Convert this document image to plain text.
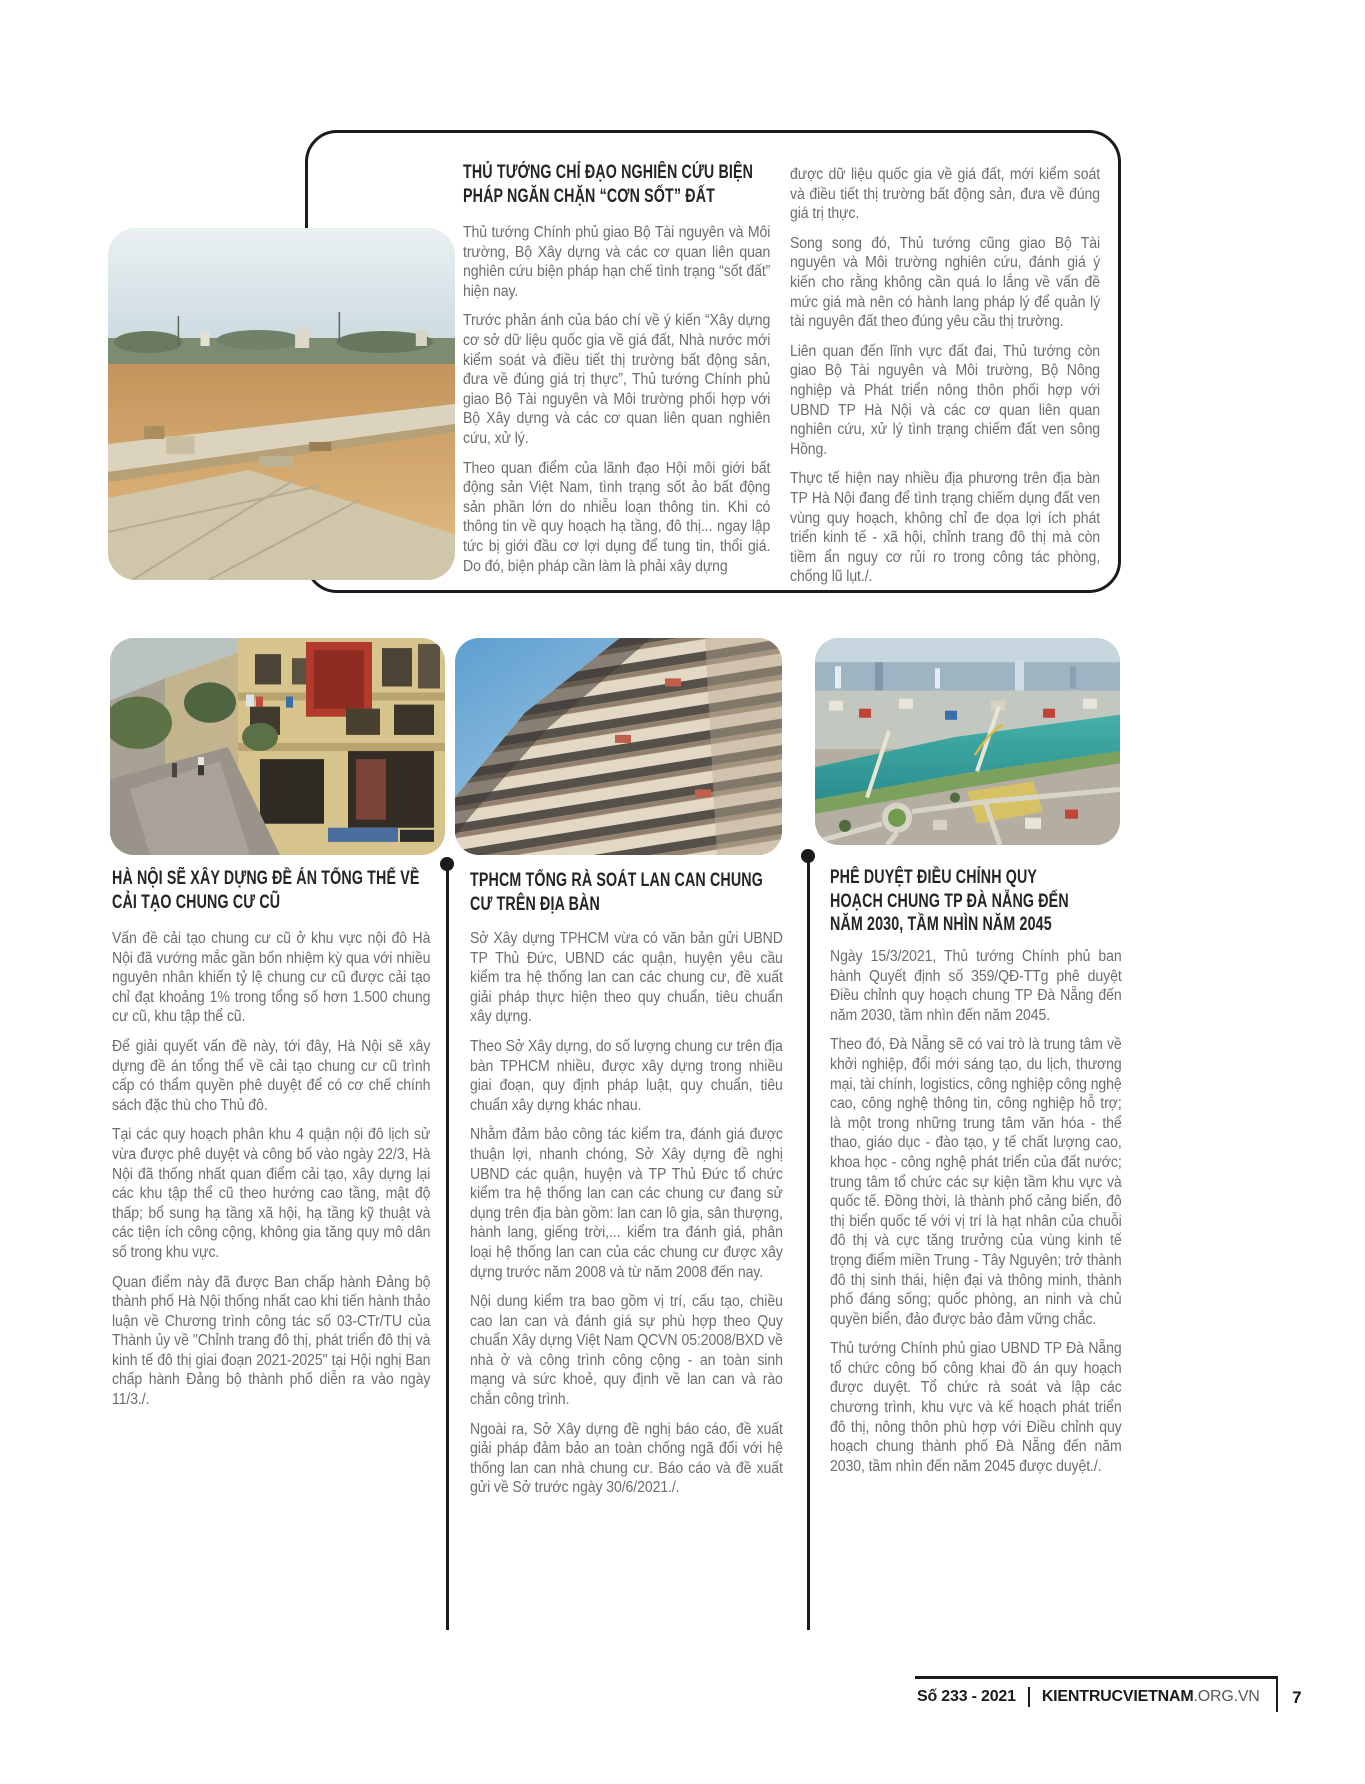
THỦ TƯỚNG CHỈ ĐẠO NGHIÊN CỨU BIỆN
PHÁP NGĂN CHẶN “CƠN SỐT” ĐẤT

Thủ tướng Chính phủ giao Bộ Tài nguyên và Môi trường, Bộ Xây dựng và các cơ quan liên quan nghiên cứu biện pháp hạn chế tình trạng “sốt đất” hiện nay.

Trước phản ánh của báo chí về ý kiến “Xây dựng cơ sở dữ liệu quốc gia về giá đất, Nhà nước mới kiểm soát và điều tiết thị trường bất động sản, đưa về đúng giá trị thực”, Thủ tướng Chính phủ giao Bộ Tài nguyên và Môi trường phối hợp với Bộ Xây dựng và các cơ quan liên quan nghiên cứu, xử lý.

Theo quan điểm của lãnh đạo Hội môi giới bất động sản Việt Nam, tình trạng sốt ảo bất động sản phần lớn do nhiễu loạn thông tin. Khi có thông tin về quy hoạch hạ tầng, đô thị... ngay lập tức bị giới đầu cơ lợi dụng để tung tin, thổi giá. Do đó, biện pháp cần làm là phải xây dựng

được dữ liệu quốc gia về giá đất, mới kiểm soát và điều tiết thị trường bất động sản, đưa về đúng giá trị thực.

Song song đó, Thủ tướng cũng giao Bộ Tài nguyên và Môi trường nghiên cứu, đánh giá ý kiến cho rằng không cần quá lo lắng về vấn đề mức giá mà nên có hành lang pháp lý để quản lý tài nguyên đất theo đúng yêu cầu thị trường.

Liên quan đến lĩnh vực đất đai, Thủ tướng còn giao Bộ Tài nguyên và Môi trường, Bộ Nông nghiệp và Phát triển nông thôn phối hợp với UBND TP Hà Nội và các cơ quan liên quan nghiên cứu, xử lý tình trạng chiếm đất ven sông Hồng.

Thực tế hiện nay nhiều địa phương trên địa bàn TP Hà Nội đang để tình trạng chiếm dụng đất ven vùng quy hoạch, không chỉ đe dọa lợi ích phát triển kinh tế - xã hội, chỉnh trang đô thị mà còn tiềm ẩn nguy cơ rủi ro trong công tác phòng, chống lũ lụt./.

HÀ NỘI SẼ XÂY DỰNG ĐỀ ÁN TỔNG THỂ VỀ
CẢI TẠO CHUNG CƯ CŨ

Vấn đề cải tạo chung cư cũ ở khu vực nội đô Hà Nội đã vướng mắc gần bốn nhiệm kỳ qua với nhiều nguyên nhân khiến tỷ lệ chung cư cũ được cải tạo chỉ đạt khoảng 1% trong tổng số hơn 1.500 chung cư cũ, khu tập thể cũ.

Để giải quyết vấn đề này, tới đây, Hà Nội sẽ xây dựng đề án tổng thể về cải tạo chung cư cũ trình cấp có thẩm quyền phê duyệt để có cơ chế chính sách đặc thù cho Thủ đô.

Tại các quy hoạch phân khu 4 quận nội đô lịch sử vừa được phê duyệt và công bố vào ngày 22/3, Hà Nội đã thống nhất quan điểm cải tạo, xây dựng lại các khu tập thể cũ theo hướng cao tầng, mật độ thấp; bổ sung hạ tầng xã hội, hạ tầng kỹ thuật và các tiện ích công cộng, không gia tăng quy mô dân số trong khu vực.

Quan điểm này đã được Ban chấp hành Đảng bộ thành phố Hà Nội thống nhất cao khi tiến hành thảo luận về Chương trình công tác số 03-CTr/TU của Thành ủy về "Chỉnh trang đô thị, phát triển đô thị và kinh tế đô thị giai đoạn 2021-2025" tại Hội nghị Ban chấp hành Đảng bộ thành phố diễn ra vào ngày 11/3./.

TPHCM TỔNG RÀ SOÁT LAN CAN CHUNG
CƯ TRÊN ĐỊA BÀN

Sở Xây dựng TPHCM vừa có văn bản gửi UBND TP Thủ Đức, UBND các quận, huyện yêu cầu kiểm tra hệ thống lan can các chung cư, đề xuất giải pháp thực hiện theo quy chuẩn, tiêu chuẩn xây dựng.

Theo Sở Xây dựng, do số lượng chung cư trên địa bàn TPHCM nhiều, được xây dựng trong nhiều giai đoạn, quy định pháp luật, quy chuẩn, tiêu chuẩn xây dựng khác nhau.

Nhằm đảm bảo công tác kiểm tra, đánh giá được thuận lợi, nhanh chóng, Sở Xây dựng đề nghị UBND các quận, huyện và TP Thủ Đức tổ chức kiểm tra hệ thống lan can các chung cư đang sử dụng trên địa bàn gồm: lan can lô gia, sân thượng, hành lang, giếng trời,... kiểm tra đánh giá, phân loại hệ thống lan can của các chung cư được xây dựng trước năm 2008 và từ năm 2008 đến nay.

Nội dung kiểm tra bao gồm vị trí, cấu tạo, chiều cao lan can và đánh giá sự phù hợp theo Quy chuẩn Xây dựng Việt Nam QCVN 05:2008/BXD về nhà ở và công trình công cộng - an toàn sinh mạng và sức khoẻ, quy định về lan can và rào chắn công trình.

Ngoài ra, Sở Xây dựng đề nghị báo cáo, đề xuất giải pháp đảm bảo an toàn chống ngã đối với hệ thống lan can nhà chung cư. Báo cáo và đề xuất gửi về Sở trước ngày 30/6/2021./.

PHÊ DUYỆT ĐIỀU CHỈNH QUY
HOẠCH CHUNG TP ĐÀ NẴNG ĐẾN
NĂM 2030, TẦM NHÌN NĂM 2045

Ngày 15/3/2021, Thủ tướng Chính phủ ban hành Quyết định số 359/QĐ-TTg phê duyệt Điều chỉnh quy hoạch chung TP Đà Nẵng đến năm 2030, tầm nhìn đến năm 2045.

Theo đó, Đà Nẵng sẽ có vai trò là trung tâm về khởi nghiệp, đổi mới sáng tạo, du lịch, thương mại, tài chính, logistics, công nghiệp công nghệ cao, công nghệ thông tin, công nghiệp hỗ trợ; là một trong những trung tâm văn hóa - thể thao, giáo dục - đào tạo, y tế chất lượng cao, khoa học - công nghệ phát triển của đất nước; trung tâm tổ chức các sự kiện tầm khu vực và quốc tế. Đồng thời, là thành phố cảng biển, đô thị biển quốc tế với vị trí là hạt nhân của chuỗi đô thị và cực tăng trưởng của vùng kinh tế trọng điểm miền Trung - Tây Nguyên; trở thành đô thị sinh thái, hiện đại và thông minh, thành phố đáng sống; quốc phòng, an ninh và chủ quyền biển, đảo được bảo đảm vững chắc.

Thủ tướng Chính phủ giao UBND TP Đà Nẵng tổ chức công bố công khai đồ án quy hoạch được duyệt. Tổ chức rà soát và lập các chương trình, khu vực và kế hoạch phát triển đô thị, nông thôn phù hợp với Điều chỉnh quy hoạch chung thành phố Đà Nẵng đến năm 2030, tầm nhìn đến năm 2045 được duyệt./.

Số 233 - 2021 KIENTRUCVIETNAM.ORG.VN	7
